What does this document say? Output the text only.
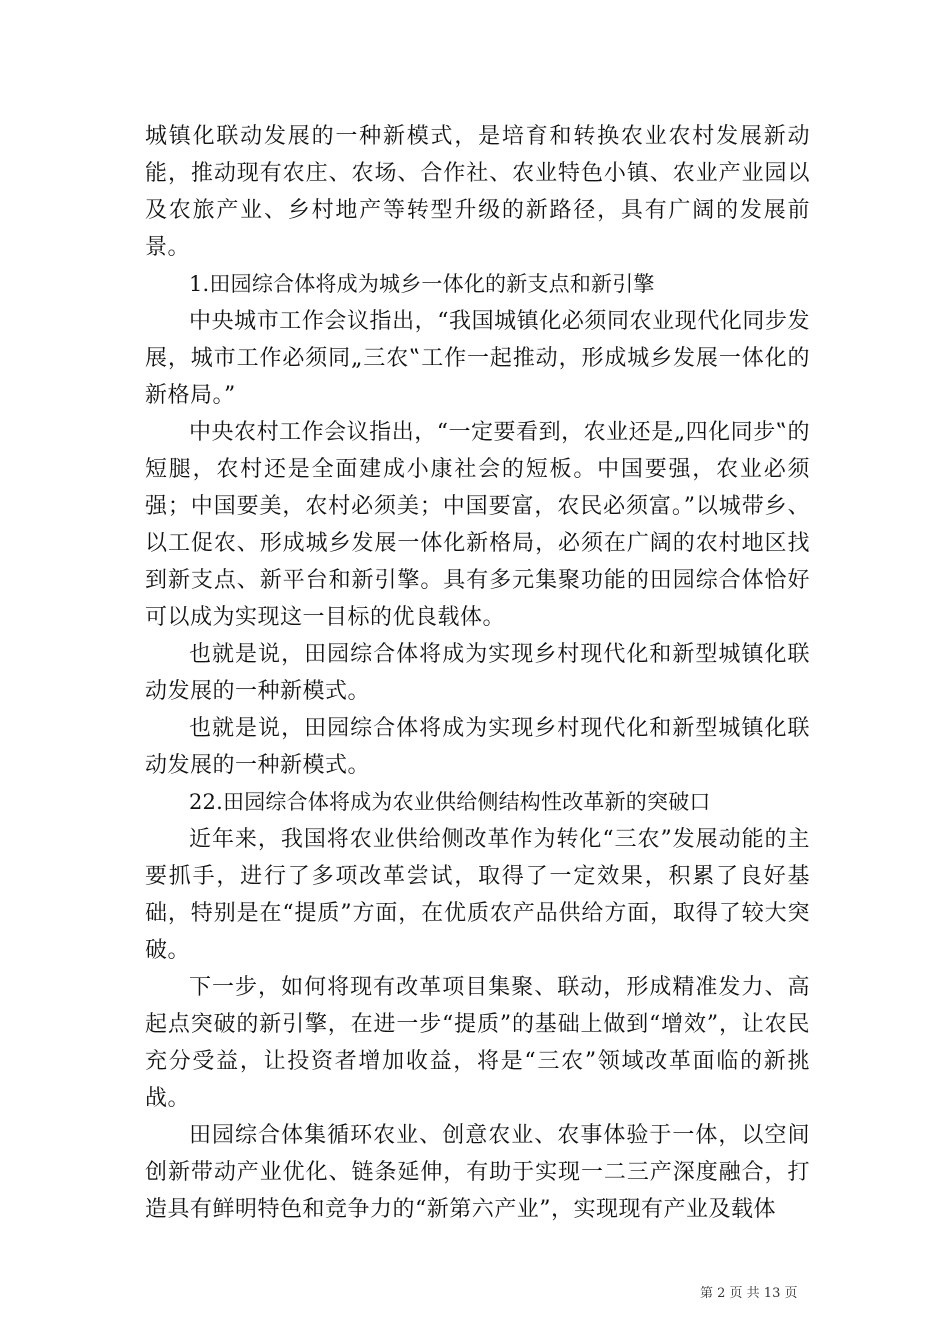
城镇化联动发展的一种新模式，是培育和转换农业农村发展新动能，推动现有农庄、农场、合作社、农业特色小镇、农业产业园以及农旅产业、乡村地产等转型升级的新路径，具有广阔的发展前景。

1.田园综合体将成为城乡一体化的新支点和新引擎

中央城市工作会议指出，“我国城镇化必须同农业现代化同步发展，城市工作必须同„三农‟工作一起推动，形成城乡发展一体化的新格局。”

中央农村工作会议指出，“一定要看到，农业还是„四化同步‟的短腿，农村还是全面建成小康社会的短板。中国要强，农业必须强；中国要美，农村必须美；中国要富，农民必须富。”以城带乡、以工促农、形成城乡发展一体化新格局，必须在广阔的农村地区找到新支点、新平台和新引擎。具有多元集聚功能的田园综合体恰好可以成为实现这一目标的优良载体。

也就是说，田园综合体将成为实现乡村现代化和新型城镇化联动发展的一种新模式。

也就是说，田园综合体将成为实现乡村现代化和新型城镇化联动发展的一种新模式。

22.田园综合体将成为农业供给侧结构性改革新的突破口

近年来，我国将农业供给侧改革作为转化“三农”发展动能的主要抓手，进行了多项改革尝试，取得了一定效果，积累了良好基础，特别是在“提质”方面，在优质农产品供给方面，取得了较大突破。

下一步，如何将现有改革项目集聚、联动，形成精准发力、高起点突破的新引擎，在进一步“提质”的基础上做到“增效”，让农民充分受益，让投资者增加收益，将是“三农”领域改革面临的新挑战。

田园综合体集循环农业、创意农业、农事体验于一体，以空间创新带动产业优化、链条延伸，有助于实现一二三产深度融合，打造具有鲜明特色和竞争力的“新第六产业”，实现现有产业及载体

第 2 页 共 13 页
